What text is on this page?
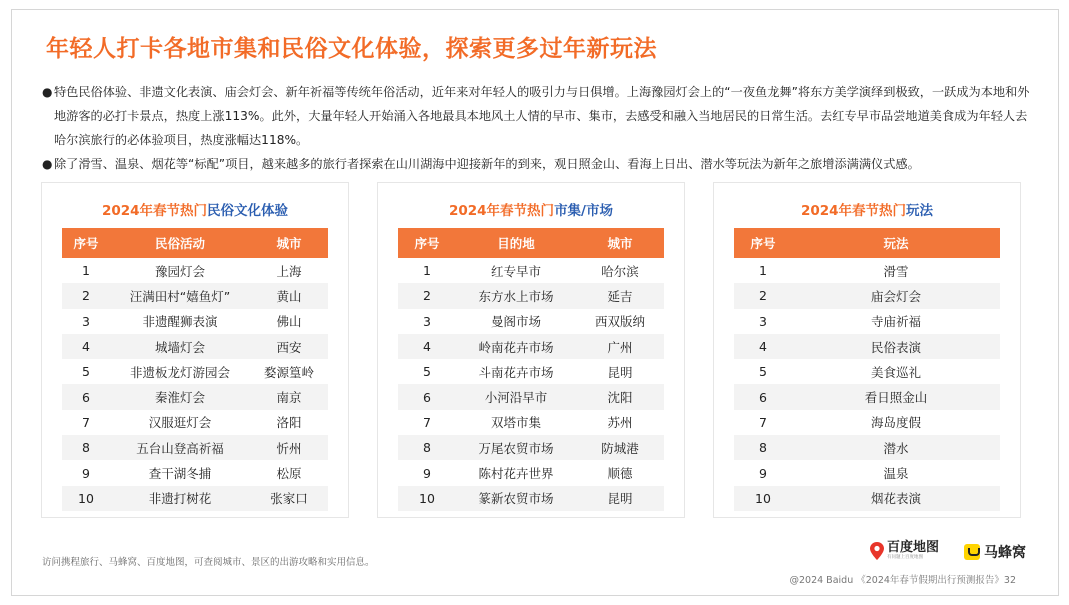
年轻人打卡各地市集和民俗文化体验，探索更多过年新玩法
● 特色民俗体验、非遗文化表演、庙会灯会、新年祈福等传统年俗活动，近年来对年轻人的吸引力与日俱增。上海豫园灯会上的“一夜鱼龙舞”将东方美学演绎到极致，一跃成为本地和外地游客的必打卡景点，热度上涨113%。此外，大量年轻人开始涌入各地最具本地风土人情的早市、集市，去感受和融入当地居民的日常生活。去红专早市品尝地道美食成为年轻人去哈尔滨旅行的必体验项目，热度涨幅达118%。
● 除了滑雪、温泉、烟花等“标配”项目，越来越多的旅行者探索在山川湖海中迎接新年的到来，观日照金山、看海上日出、潜水等玩法为新年之旅增添满满仪式感。
2024年春节热门民俗文化体验
序号	民俗活动	城市
1	豫园灯会	上海
2	汪满田村“嬉鱼灯”	黄山
3	非遗醒狮表演	佛山
4	城墙灯会	西安
5	非遗板龙灯游园会	婺源篁岭
6	秦淮灯会	南京
7	汉服逛灯会	洛阳
8	五台山登高祈福	忻州
9	查干湖冬捕	松原
10	非遗打树花	张家口
2024年春节热门市集/市场
序号	目的地	城市
1	红专早市	哈尔滨
2	东方水上市场	延吉
3	曼阁市场	西双版纳
4	岭南花卉市场	广州
5	斗南花卉市场	昆明
6	小河沿早市	沈阳
7	双塔市集	苏州
8	万尾农贸市场	防城港
9	陈村花卉世界	顺德
10	篆新农贸市场	昆明
2024年春节热门玩法
序号	玩法
1	滑雪
2	庙会灯会
3	寺庙祈福
4	民俗表演
5	美食巡礼
6	看日照金山
7	海岛度假
8	潜水
9	温泉
10	烟花表演
访问携程旅行、马蜂窝、百度地图，可查阅城市、景区的出游攻略和实用信息。
百度地图
有问题上百度地图	马蜂窝
@2024 Baidu 《2024年春节假期出行预测报告》32
